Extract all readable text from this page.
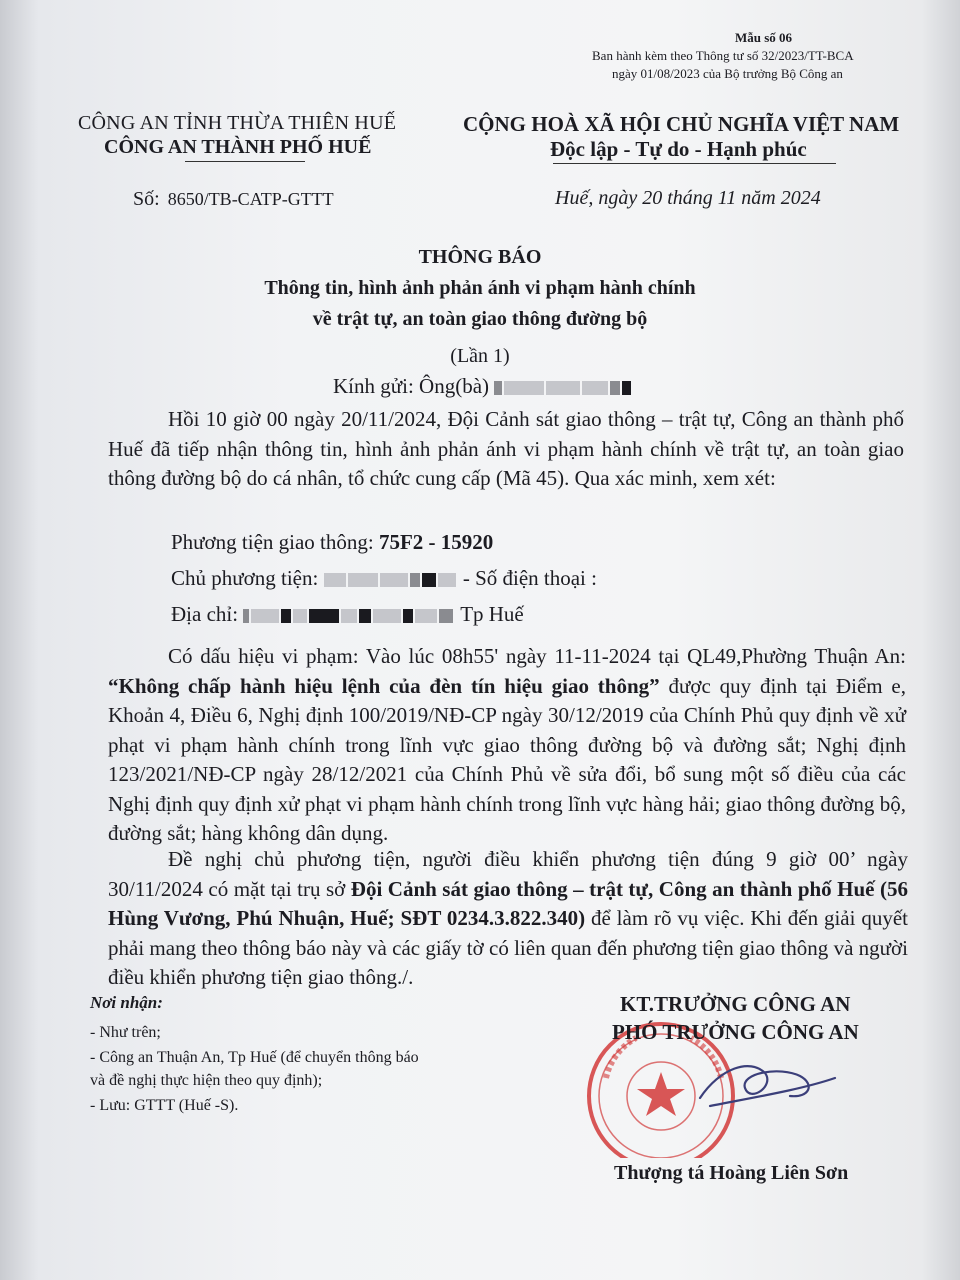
Mẫu số 06
Ban hành kèm theo Thông tư số 32/2023/TT-BCA
ngày 01/08/2023 của Bộ trưởng Bộ Công an
CÔNG AN TỈNH THỪA THIÊN HUẾ
CÔNG AN THÀNH PHỐ HUẾ
CỘNG HOÀ XÃ HỘI CHỦ NGHĨA VIỆT NAM
Độc lập - Tự do - Hạnh phúc
Số: 8650/TB-CATP-GTTT	Huế, ngày 20 tháng 11 năm 2024
THÔNG BÁO
Thông tin, hình ảnh phản ánh vi phạm hành chính
về trật tự, an toàn giao thông đường bộ
(Lần 1)
Kính gửi: Ông(bà)
Hồi 10 giờ 00 ngày 20/11/2024, Đội Cảnh sát giao thông – trật tự, Công an thành phố Huế đã tiếp nhận thông tin, hình ảnh phản ánh vi phạm hành chính về trật tự, an toàn giao thông đường bộ do cá nhân, tổ chức cung cấp (Mã 45). Qua xác minh, xem xét:
Phương tiện giao thông: 75F2 - 15920
Chủ phương tiện:	- Số điện thoại :
Địa chỉ:	Tp Huế
Có dấu hiệu vi phạm: Vào lúc 08h55' ngày 11-11-2024 tại QL49,Phường Thuận An: “Không chấp hành hiệu lệnh của đèn tín hiệu giao thông” được quy định tại Điểm e, Khoản 4, Điều 6, Nghị định 100/2019/NĐ-CP ngày 30/12/2019 của Chính Phủ quy định về xử phạt vi phạm hành chính trong lĩnh vực giao thông đường bộ và đường sắt; Nghị định 123/2021/NĐ-CP ngày 28/12/2021 của Chính Phủ về sửa đổi, bổ sung một số điều của các Nghị định quy định xử phạt vi phạm hành chính trong lĩnh vực hàng hải; giao thông đường bộ, đường sắt; hàng không dân dụng.
Đề nghị chủ phương tiện, người điều khiển phương tiện đúng 9 giờ 00’ ngày 30/11/2024 có mặt tại trụ sở Đội Cảnh sát giao thông – trật tự, Công an thành phố Huế (56 Hùng Vương, Phú Nhuận, Huế; SĐT 0234.3.822.340) để làm rõ vụ việc. Khi đến giải quyết phải mang theo thông báo này và các giấy tờ có liên quan đến phương tiện giao thông và người điều khiển phương tiện giao thông./.
Nơi nhận:
- Như trên;
- Công an Thuận An, Tp Huế (để chuyển thông báo
và đề nghị thực hiện theo quy định);
- Lưu: GTTT (Huế -S).
KT.TRƯỞNG CÔNG AN
PHÓ TRƯỞNG CÔNG AN
Thượng tá Hoàng Liên Sơn
